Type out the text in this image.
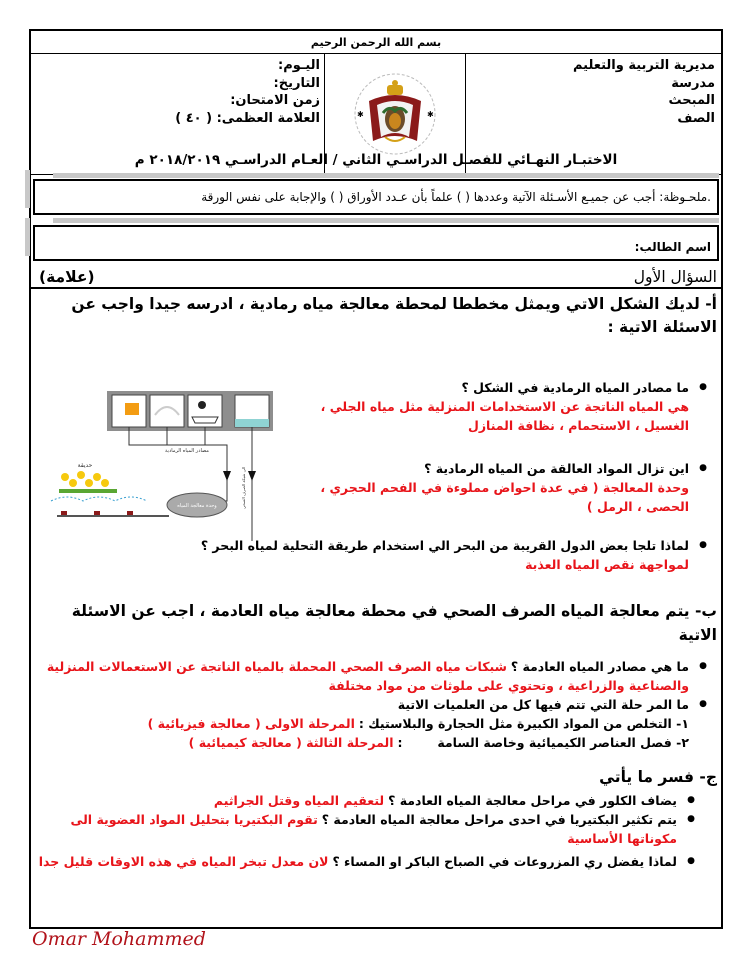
بسم الله الرحمن الرحيم
مديرية التربية والتعليم
مدرسة
المبحث
الصف
✱	✱
اليـوم:
التاريخ:
زمن الامتحان:
العلامة العظمى: ( ٤٠ )
الاختبـار النهـائي للفصـل الدراسـي الثاني / العـام الدراسـي ٢٠١٨/٢٠١٩ م
.ملحـوظة: أجب عن جميـع الأسـئلة الآتية وعددها ( ) علماً بأن عـدد الأوراق ( ) والإجابة على نفس الورقة
اسم الطالب:
السؤال الأول
(علامة)
أ- لديك الشكل الاتي ويمثل مخططا لمحطة معالجة مياه رمادية ، ادرسه جيدا واجب عن الاسئلة الاتية :
● ما مصادر المياه الرمادية في الشكل ؟
هي المياه الناتجة عن الاستخدامات المنزلية مثل مياه الجلي ، الغسيل ، الاستحمام ، نظافة المنازل
● اين تزال المواد العالقة من المياه الرمادية ؟
وحدة المعالجة ( في عدة احواض مملوءة في الفحم الحجري ، الحصى ، الرمل )
● لماذا تلجا بعض الدول القريبة من البحر الي استخدام طريقة التحلية لمياه البحر ؟
لمواجهة نقص المياه العذبة
مصادر المياه الرمادية
حديقة
وحدة معالجة المياه	الى شبكة الصرف الصحي
ب- يتم معالجة المياه الصرف الصحي في محطة معالجة مياه العادمة ، اجب عن الاسئلة الاتية
● ما هي مصادر المياه العادمة ؟ شبكات مياه الصرف الصحي المحملة بالمياه الناتجة عن الاستعمالات المنزلية والصناعية والزراعية ، وتحتوي على ملوثات من مواد مختلفة
● ما المر حلة التي تتم فيها كل من العلميات الاتية
١- التخلص من المواد الكبيرة مثل الحجارة والبلاستيك : المرحلة الاولى ( معالجة فيزيائية )
٢- فصل العناصر الكيميائية وخاصة السامة        : المرحلة الثالثة ( معالجة كيميائية )
ج- فسر ما يأتي
● يضاف الكلور في مراحل معالجة المياه العادمة ؟ لتعقيم المياه وقتل الجراثيم
● يتم تكثير البكتيريا في احدى مراحل معالجة المياه العادمة ؟ تقوم البكتيريا بتحليل المواد العضوية الى مكوناتها الأساسية
● لماذا يفضل ري المزروعات في الصباح الباكر او المساء ؟ لان معدل تبخر المياه في هذه الاوقات قليل جدا
Omar Mohammed
